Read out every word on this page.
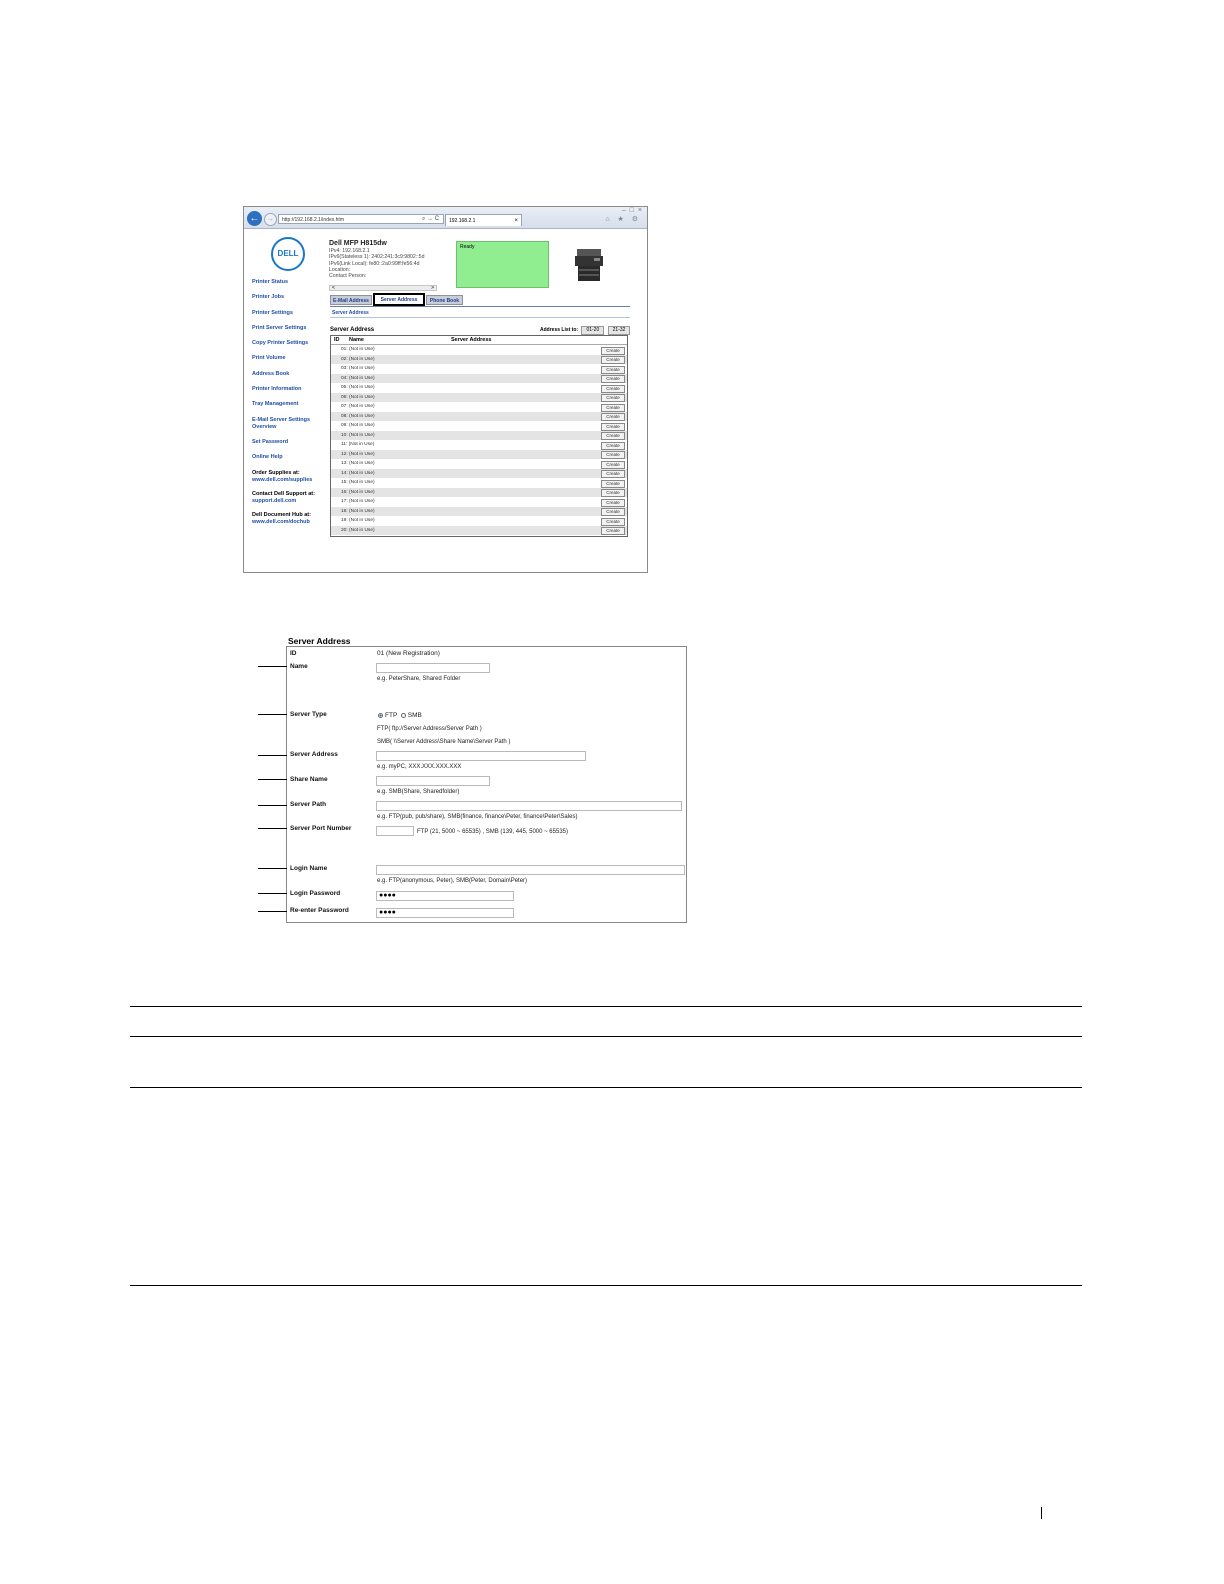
←	→	http://192.168.2.1/index.htm	⌕ → C	192.168.2.1	×
– □ ×
⌂ ★ ⚙
DELL
Printer Status
Printer Jobs
Printer Settings
Print Server Settings
Copy Printer Settings
Print Volume
Address Book
Printer Information
Tray Management
E-Mail Server Settings Overview
Set Password
Online Help
Order Supplies at:
www.dell.com/supplies
Contact Dell Support at:
support.dell.com
Dell Document Hub at:
www.dell.com/dochub
Dell MFP H815dw
IPv4: 192.168.2.1
IPv6(Stateless 1): 2402:241:3c9:9802::5d
IPv6(Link Local): fe80::2a0:99ff:fe56:4d
Location:
Contact Person:
<	>
Ready
E-Mail Address	Server Address	Phone Book
Server Address
Server Address	Address List to: 01-20	21-32
ID Name	Server Address
01: (Not in Use)	Create
02: (Not in Use)	Create
03: (Not in Use)	Create
04: (Not in Use)	Create
05: (Not in Use)	Create
06: (Not in Use)	Create
07: (Not in Use)	Create
08: (Not in Use)	Create
09: (Not in Use)	Create
10: (Not in Use)	Create
11: (Not in Use)	Create
12: (Not in Use)	Create
13: (Not in Use)	Create
14: (Not in Use)	Create
15: (Not in Use)	Create
16: (Not in Use)	Create
17: (Not in Use)	Create
18: (Not in Use)	Create
19: (Not in Use)	Create
20: (Not in Use)	Create
Server Address
ID	01 (New Registration)
Name
e.g. PeterShare, Shared Folder
Server Type	FTP SMB
FTP( ftp://Server Address/Server Path )
SMB( \\Server Address\Share Name\Server Path )
Server Address
e.g. myPC, XXX.XXX.XXX.XXX
Share Name
e.g. SMB(Share, Sharedfolder)
Server Path
e.g. FTP(pub, pub/share), SMB(finance, finance\Peter, finance\Peter\Sales)
Server Port Number	FTP (21, 5000 ~ 65535) , SMB (139, 445, 5000 ~ 65535)
Login Name
e.g. FTP(anonymous, Peter), SMB(Peter, Domain\Peter)
Login Password	●●●●
Re-enter Password	●●●●
